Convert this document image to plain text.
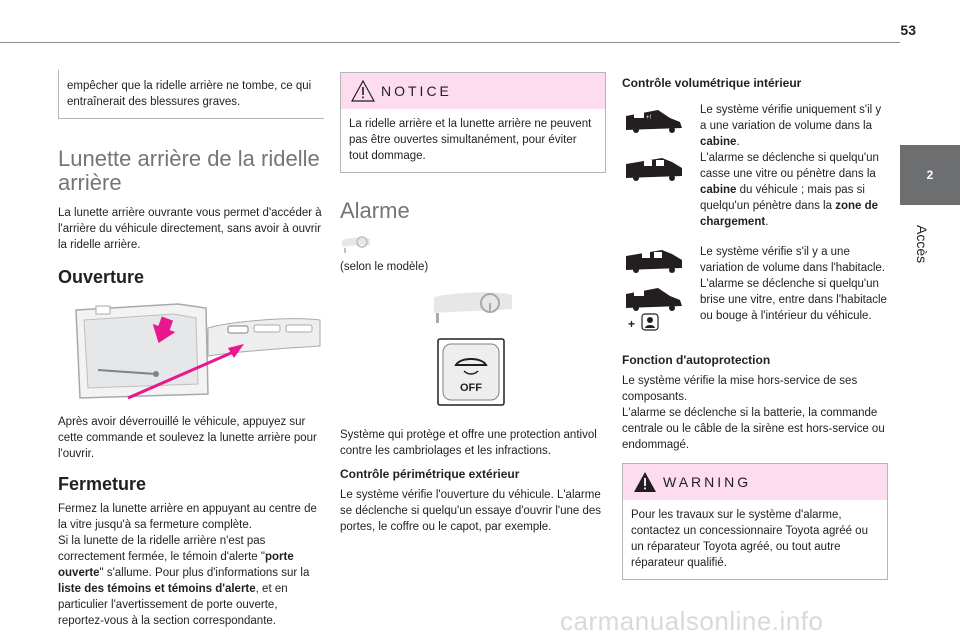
53
2
Accès

empêcher que la ridelle arrière ne tombe, ce qui entraînerait des blessures graves.

Lunette arrière de la ridelle arrière

La lunette arrière ouvrante vous permet d'accéder à l'arrière du véhicule directement, sans avoir à ouvrir la ridelle arrière.

Ouverture

Après avoir déverrouillé le véhicule, appuyez sur cette commande et soulevez la lunette arrière pour l'ouvrir.

Fermeture

Fermez la lunette arrière en appuyant au centre de la vitre jusqu'à sa fermeture complète.

Si la lunette de la ridelle arrière n'est pas correctement fermée, le témoin d'alerte "porte ouverte" s'allume. Pour plus d'informations sur la liste des témoins et témoins d'alerte, et en particulier l'avertissement de porte ouverte, reportez-vous à la section correspondante.

NOTICE

La ridelle arrière et la lunette arrière ne peuvent pas être ouvertes simultanément, pour éviter tout dommage.

Alarme

(selon le modèle)

OFF

Système qui protège et offre une protection antivol contre les cambriolages et les infractions.

Contrôle périmétrique extérieur

Le système vérifie l'ouverture du véhicule. L'alarme se déclenche si quelqu'un essaye d'ouvrir l'une des portes, le coffre ou le capot, par exemple.

Contrôle volumétrique intérieur
+!

Le système vérifie uniquement s'il y a une variation de volume dans la cabine.
L'alarme se déclenche si quelqu'un casse une vitre ou pénètre dans la cabine du véhicule ; mais pas si quelqu'un pénètre dans la zone de chargement.

+

Le système vérifie s'il y a une variation de volume dans l'habitacle.

L'alarme se déclenche si quelqu'un brise une vitre, entre dans l'habitacle ou bouge à l'intérieur du véhicule.

Fonction d'autoprotection

Le système vérifie la mise hors-service de ses composants.

L'alarme se déclenche si la batterie, la commande centrale ou le câble de la sirène est hors-service ou endommagé.

WARNING

Pour les travaux sur le système d'alarme, contactez un concessionnaire Toyota agréé ou un réparateur Toyota agréé, ou tout autre réparateur qualifié.

carmanualsonline.info
